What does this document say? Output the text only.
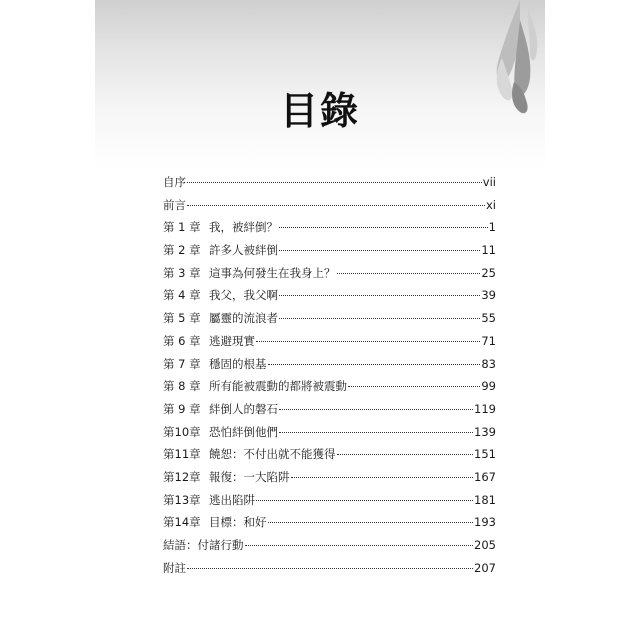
目錄
自序	vii
前言	xi
第 1 章 我，被絆倒？	1
第 2 章 許多人被絆倒	11
第 3 章 這事為何發生在我身上？	25
第 4 章 我父，我父啊	39
第 5 章 屬靈的流浪者	55
第 6 章 逃避現實	71
第 7 章 穩固的根基	83
第 8 章 所有能被震動的都將被震動	99
第 9 章 絆倒人的磐石	119
第10章 恐怕絆倒他們	139
第11章 饒恕：不付出就不能獲得	151
第12章 報復：一大陷阱	167
第13章 逃出陷阱	181
第14章 目標：和好	193
結語：付諸行動	205
附註	207
